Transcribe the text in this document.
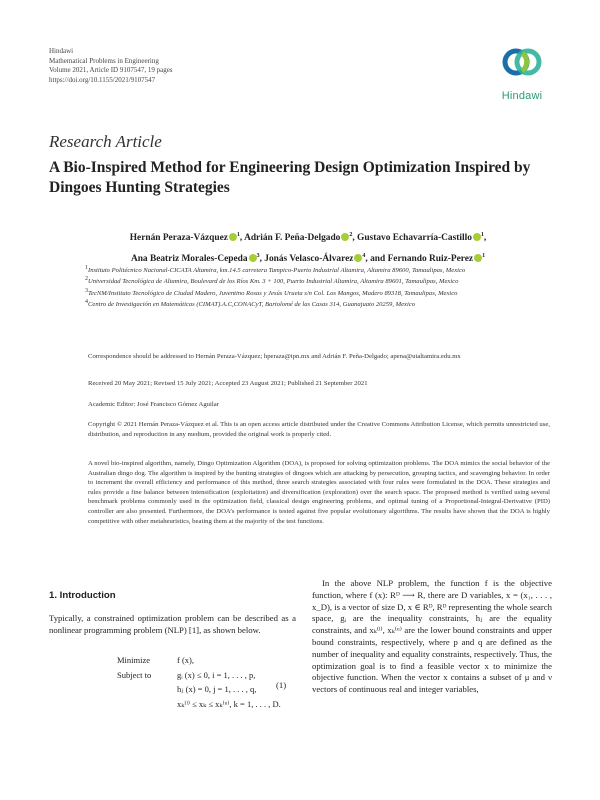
Hindawi
Mathematical Problems in Engineering
Volume 2021, Article ID 9107547, 19 pages
https://doi.org/10.1155/2021/9107547
Hindawi
Research Article
A Bio-Inspired Method for Engineering Design Optimization Inspired by Dingoes Hunting Strategies
Hernán Peraza-Vázquez $^1$, Adrián F. Peña-Delgado $^2$, Gustavo Echavarría-Castillo $^1$,
Ana Beatriz Morales-Cepeda $^3$, Jonás Velasco-Álvarez $^4$, and Fernando Ruiz-Perez $^1$
1 Instituto Politécnico Nacional-CICATA Altamira, km.14.5 carretera Tampico-Puerto Industrial Altamira, Altamira 89600, Tamaulipas, Mexico
2 Universidad Tecnológica de Altamira, Boulevard de los Ríos Km. 3 + 100, Puerto Industrial Altamira, Altamira 89601, Tamaulipas, Mexico
3 TecNM/Instituto Tecnológico de Ciudad Madero, Juventino Rosas y Jesús Urueta s/n Col. Los Mangos, Madero 89318, Tamaulipas, Mexico
4 Centro de Investigación en Matemáticas (CIMAT).A.C,CONACyT, Bartolomé de las Casas 314, Guanajuato 20259, Mexico
Correspondence should be addressed to Hernán Peraza-Vázquez; hperaza@ipn.mx and Adrián F. Peña-Delgado; apena@utaltamira.edu.mx
Received 20 May 2021; Revised 15 July 2021; Accepted 23 August 2021; Published 21 September 2021
Academic Editor: José Francisco Gómez Aguilar
Copyright © 2021 Hernán Peraza-Vázquez et al. This is an open access article distributed under the Creative Commons Attribution License, which permits unrestricted use, distribution, and reproduction in any medium, provided the original work is properly cited.
A novel bio-inspired algorithm, namely, Dingo Optimization Algorithm (DOA), is proposed for solving optimization problems. The DOA mimics the social behavior of the Australian dingo dog. The algorithm is inspired by the hunting strategies of dingoes which are attacking by persecution, grouping tactics, and scavenging behavior. In order to increment the overall efficiency and performance of this method, three search strategies associated with four rules were formulated in the DOA. These strategies and rules provide a fine balance between intensification (exploitation) and diversification (exploration) over the search space. The proposed method is verified using several benchmark problems commonly used in the optimization field, classical design engineering problems, and optimal tuning of a Proportional-Integral-Derivative (PID) controller are also presented. Furthermore, the DOA’s performance is tested against five popular evolutionary algorithms. The results have shown that the DOA is highly competitive with other metaheuristics, beating them at the majority of the test functions.
1. Introduction
Typically, a constrained optimization problem can be described as a nonlinear programming problem (NLP) [1], as shown below.
Minimize	f (x),
Subject to	gᵢ (x) ≤ 0, i = 1, . . . , p,
hⱼ (x) = 0, j = 1, . . . , q,
xₖ⁽ˡ⁾ ≤ xₖ ≤ xₖ⁽ᵘ⁾, k = 1, . . . , D.
(1)
In the above NLP problem, the function f is the objective function, where f (x): Rᴰ ⟶ R, there are D variables, x = (x₁, . . . , x_D), is a vector of size D, x ∈ Rᴰ, Rᴰ representing the whole search space, gᵢ are the inequality constraints, hⱼ are the equality constraints, and xₖ⁽ˡ⁾, xₖ⁽ᵘ⁾ are the lower bound constraints and upper bound constraints, respectively, where p and q are defined as the number of inequality and equality constraints, respectively. Thus, the optimization goal is to find a feasible vector x to minimize the objective function. When the vector x contains a subset of μ and ν vectors of continuous real and integer variables,
